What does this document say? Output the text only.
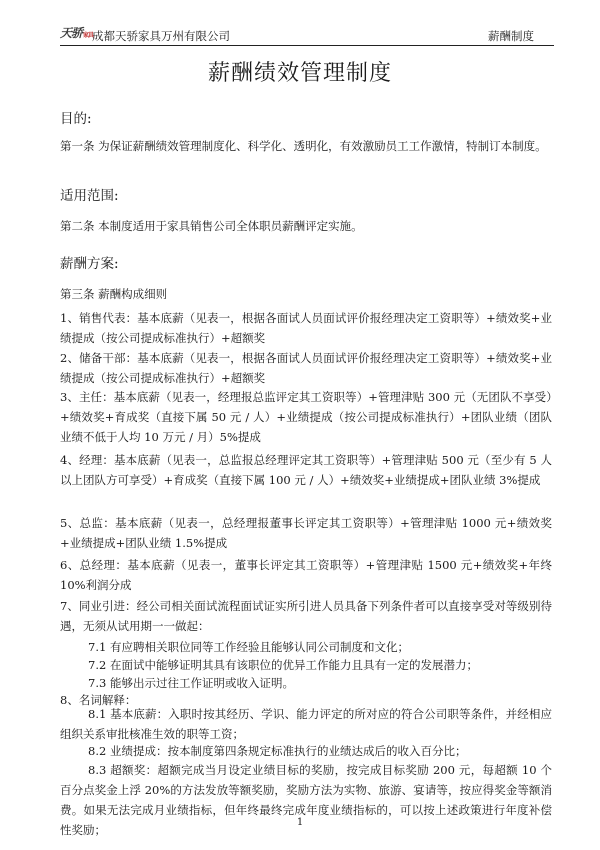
天骄家具
成都天骄家具万州有限公司	薪酬制度
薪酬绩效管理制度
目的:
第一条 为保证薪酬绩效管理制度化、科学化、透明化，有效激励员工工作激情，特制订本制度。
适用范围:
第二条 本制度适用于家具销售公司全体职员薪酬评定实施。
薪酬方案:
第三条 薪酬构成细则
1、销售代表：基本底薪（见表一，根据各面试人员面试评价报经理决定工资职等）+绩效奖+业绩提成（按公司提成标准执行）+超额奖
2、储备干部：基本底薪（见表一，根据各面试人员面试评价报经理决定工资职等）+绩效奖+业绩提成（按公司提成标准执行）+超额奖
3、主任：基本底薪（见表一，经理报总监评定其工资职等）+管理津贴 300 元（无团队不享受）+绩效奖+育成奖（直接下属 50 元 / 人）+业绩提成（按公司提成标准执行）+团队业绩（团队业绩不低于人均 10 万元 / 月）5%提成
4、经理：基本底薪（见表一，总监报总经理评定其工资职等）+管理津贴 500 元（至少有 5 人以上团队方可享受）+育成奖（直接下属 100 元 / 人）+绩效奖+业绩提成+团队业绩 3%提成
5、总监：基本底薪（见表一，总经理报董事长评定其工资职等）+管理津贴 1000 元+绩效奖+业绩提成+团队业绩 1.5%提成
6、总经理：基本底薪（见表一，董事长评定其工资职等）+管理津贴 1500 元+绩效奖+年终 10%利润分成
7、同业引进：经公司相关面试流程面试证实所引进人员具备下列条件者可以直接享受对等级别待遇，无须从试用期一一做起：
7.1 有应聘相关职位同等工作经验且能够认同公司制度和文化；
7.2 在面试中能够证明其具有该职位的优异工作能力且具有一定的发展潜力；
7.3 能够出示过往工作证明或收入证明。
8、名词解释：
8.1 基本底薪：入职时按其经历、学识、能力评定的所对应的符合公司职等条件，并经相应组织关系审批核准生效的职等工资；
8.2 业绩提成：按本制度第四条规定标准执行的业绩达成后的收入百分比；
8.3 超额奖：超额完成当月设定业绩目标的奖励，按完成目标奖励 200 元，每超额 10 个百分点奖金上浮 20%的方法发放等额奖励，奖励方法为实物、旅游、宴请等，按应得奖金等额消费。如果无法完成月业绩指标，但年终最终完成年度业绩指标的，可以按上述政策进行年度补偿性奖励；
1
